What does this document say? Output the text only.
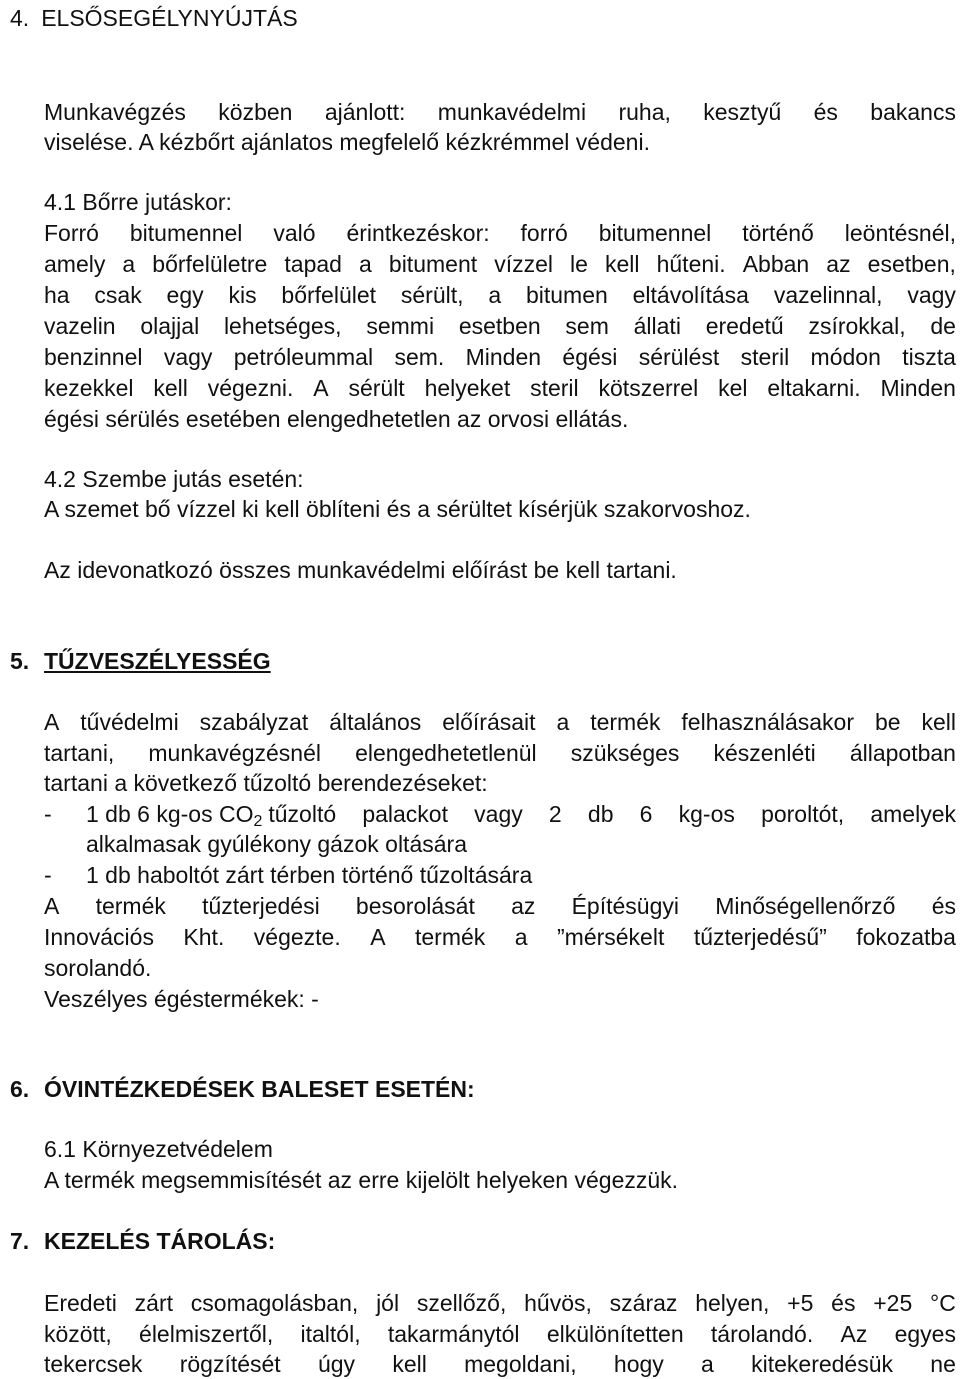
4. ELSŐSEGÉLYNYÚJTÁS
Munkavégzés közben ajánlott: munkavédelmi ruha, kesztyű és bakancs
viselése. A kézbőrt ajánlatos megfelelő kézkrémmel védeni.
4.1 Bőrre jutáskor:
Forró bitumennel való érintkezéskor: forró bitumennel történő leöntésnél,
amely a bőrfelületre tapad a bitument vízzel le kell hűteni. Abban az esetben,
ha csak egy kis bőrfelület sérült, a bitumen eltávolítása vazelinnal, vagy
vazelin olajjal lehetséges, semmi esetben sem állati eredetű zsírokkal, de
benzinnel vagy petróleummal sem. Minden égési sérülést steril módon tiszta
kezekkel kell végezni. A sérült helyeket steril kötszerrel kel eltakarni. Minden
égési sérülés esetében elengedhetetlen az orvosi ellátás.
4.2 Szembe jutás esetén:
A szemet bő vízzel ki kell öblíteni és a sérültet kísérjük szakorvoshoz.
Az idevonatkozó összes munkavédelmi előírást be kell tartani.
5. TŰZVESZÉLYESSÉG
A tűvédelmi szabályzat általános előírásait a termék felhasználásakor be kell
tartani, munkavégzésnél elengedhetetlenül szükséges készenléti állapotban
tartani a következő tűzoltó berendezéseket:
- 1 db 6 kg-os $CO_2$ tűzoltó palackot vagy 2 db 6 kg-os poroltót, amelyek
alkalmasak gyúlékony gázok oltására
- 1 db haboltót zárt térben történő tűzoltására
A termék tűzterjedési besorolását az Építésügyi Minőségellenőrző és
Innovációs Kht. végezte. A termék a ”mérsékelt tűzterjedésű” fokozatba
sorolandó.
Veszélyes égéstermékek: -
6. ÓVINTÉZKEDÉSEK BALESET ESETÉN:
6.1 Környezetvédelem
A termék megsemmisítését az erre kijelölt helyeken végezzük.
7. KEZELÉS TÁROLÁS:
Eredeti zárt csomagolásban, jól szellőző, hűvös, száraz helyen, +5 és +25 °C
között, élelmiszertől, italtól, takarmánytól elkülönítetten tárolandó. Az egyes
tekercsek rögzítését úgy kell megoldani, hogy a kitekeredésük ne
